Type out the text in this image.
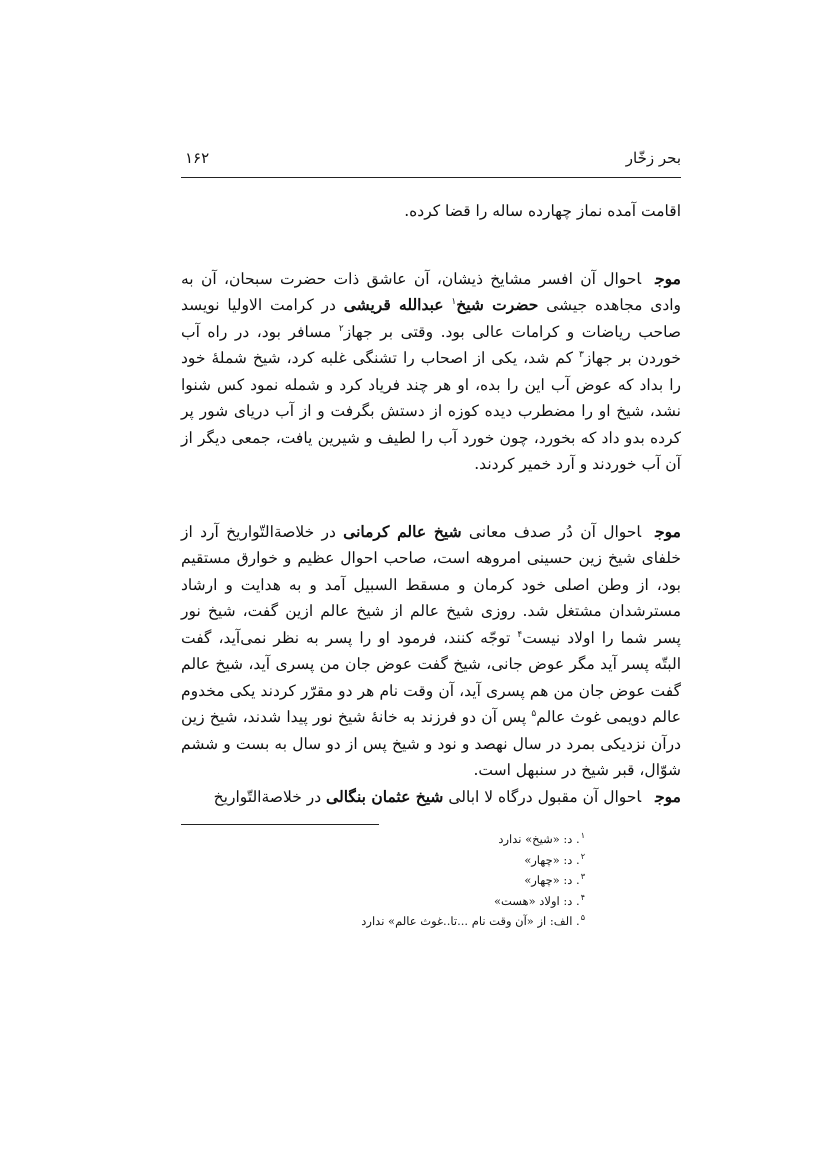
بحر زخّار
۱۶۲

اقامت آمده نماز چهارده ساله را قضا کرده.

موجاحوال آن افسر مشایخ ذیشان، آن عاشق ذات حضرت سبحان، آن به وادی مجاهده جیشی حضرت شیخ$^۱$ عبدالله قریشی در کرامت الاولیا نویسد صاحب ریاضات و کرامات عالی بود. وقتی بر جهاز$^۲$ مسافر بود، در راه آب خوردن بر جهاز$^۳$ کم شد، یکی از اصحاب را تشنگی غلبه کرد، شیخ شملۀ خود را بداد که عوض آب این را بده، او هر چند فریاد کرد و شمله نمود کس شنوا نشد، شیخ او را مضطرب دیده کوزه از دستش بگرفت و از آب دریای شور پر کرده بدو داد که بخورد، چون خورد آب را لطیف و شیرین یافت، جمعی دیگر از آن آب خوردند و آرد خمیر کردند.

موجاحوال آن دُر صدف معانی شیخ عالم کرمانی در خلاصة‌التّواریخ آرد از خلفای شیخ زین حسینی امروهه است، صاحب احوال عظیم و خوارق مستقیم بود، از وطن اصلی خود کرمان و مسقط السبیل آمد و به هدایت و ارشاد مسترشدان مشتغل شد. روزی شیخ عالم از شیخ عالم ازین گفت، شیخ نور پسر شما را اولاد نیست$^۴$ توجّه کنند، فرمود او را پسر به نظر نمی‌آید، گفت البتّه پسر آید مگر عوض جانی، شیخ گفت عوض جان من پسری آید، شیخ عالم گفت عوض جان من هم پسری آید، آن وقت نام هر دو مقرّر کردند یکی مخدوم عالم دویمی غوث عالم$^۵$ پس آن دو فرزند به خانۀ شیخ نور پیدا شدند، شیخ زین درآن نزدیکی بمرد در سال نهصد و نود و شیخ پس از دو سال به بست و ششم شوّال، قبر شیخ در سنبهل است.

موجاحوال آن مقبول درگاه لا ابالی شیخ عثمان بنگالی در خلاصة‌التّواریخ

$^۱$. د: «شیخ» ندارد
$^۲$. د: «چهار»
$^۳$. د: «چهار»
$^۴$. د: اولاد «هست»
$^۵$. الف: از «آن وقت نام ...تا..غوث عالم» ندارد
